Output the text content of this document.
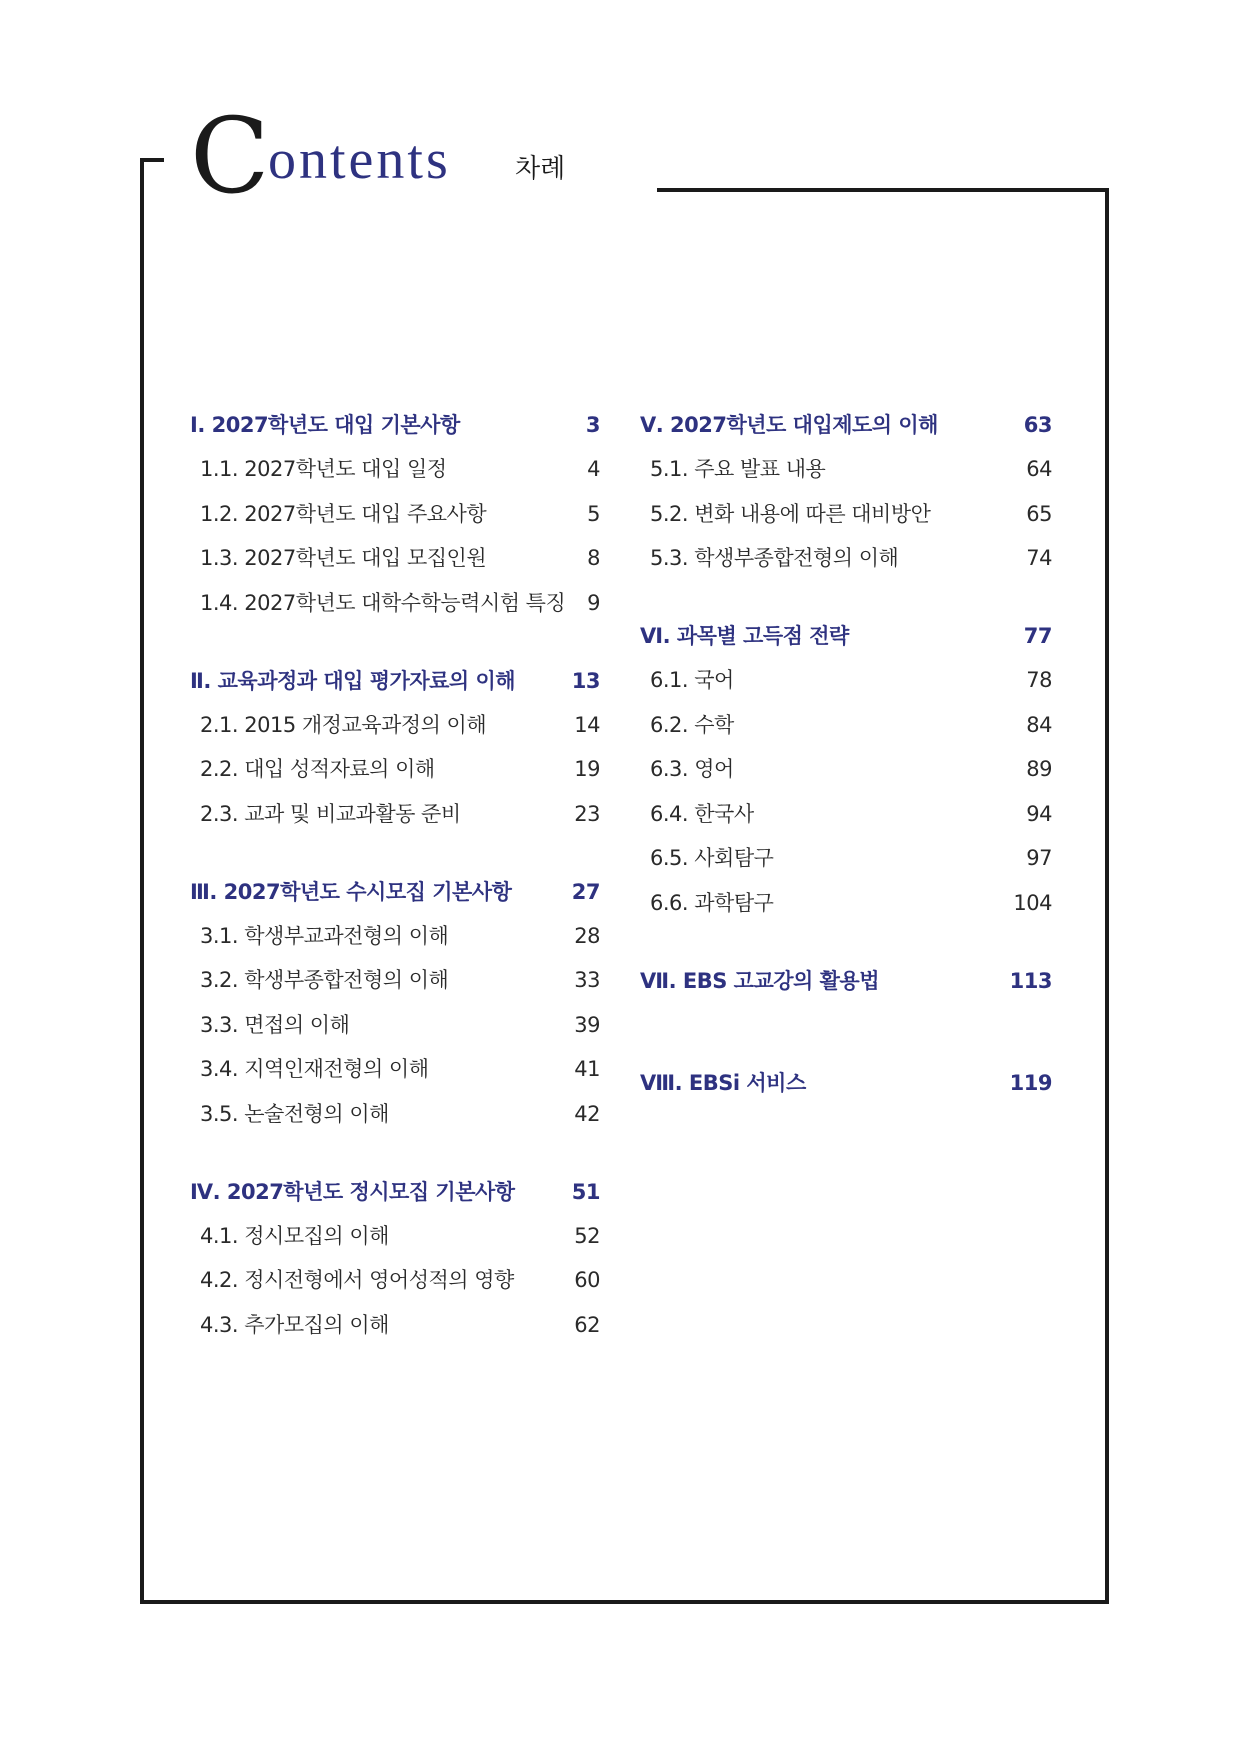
C
ontents 차례
Ⅰ. 2027학년도 대입 기본사항	3
1.1. 2027학년도 대입 일정	4
1.2. 2027학년도 대입 주요사항	5
1.3. 2027학년도 대입 모집인원	8
1.4. 2027학년도 대학수학능력시험 특징 9
Ⅱ. 교육과정과 대입 평가자료의 이해	13
2.1. 2015 개정교육과정의 이해	14
2.2. 대입 성적자료의 이해	19
2.3. 교과 및 비교과활동 준비	23
Ⅲ. 2027학년도 수시모집 기본사항	27
3.1. 학생부교과전형의 이해	28
3.2. 학생부종합전형의 이해	33
3.3. 면접의 이해	39
3.4. 지역인재전형의 이해	41
3.5. 논술전형의 이해	42
Ⅳ. 2027학년도 정시모집 기본사항	51
4.1. 정시모집의 이해	52
4.2. 정시전형에서 영어성적의 영향	60
4.3. 추가모집의 이해	62
Ⅴ. 2027학년도 대입제도의 이해	63
5.1. 주요 발표 내용	64
5.2. 변화 내용에 따른 대비방안	65
5.3. 학생부종합전형의 이해	74
Ⅵ. 과목별 고득점 전략	77
6.1. 국어	78
6.2. 수학	84
6.3. 영어	89
6.4. 한국사	94
6.5. 사회탐구	97
6.6. 과학탐구	104
Ⅶ. EBS 고교강의 활용법	113
Ⅷ. EBSi 서비스	119
